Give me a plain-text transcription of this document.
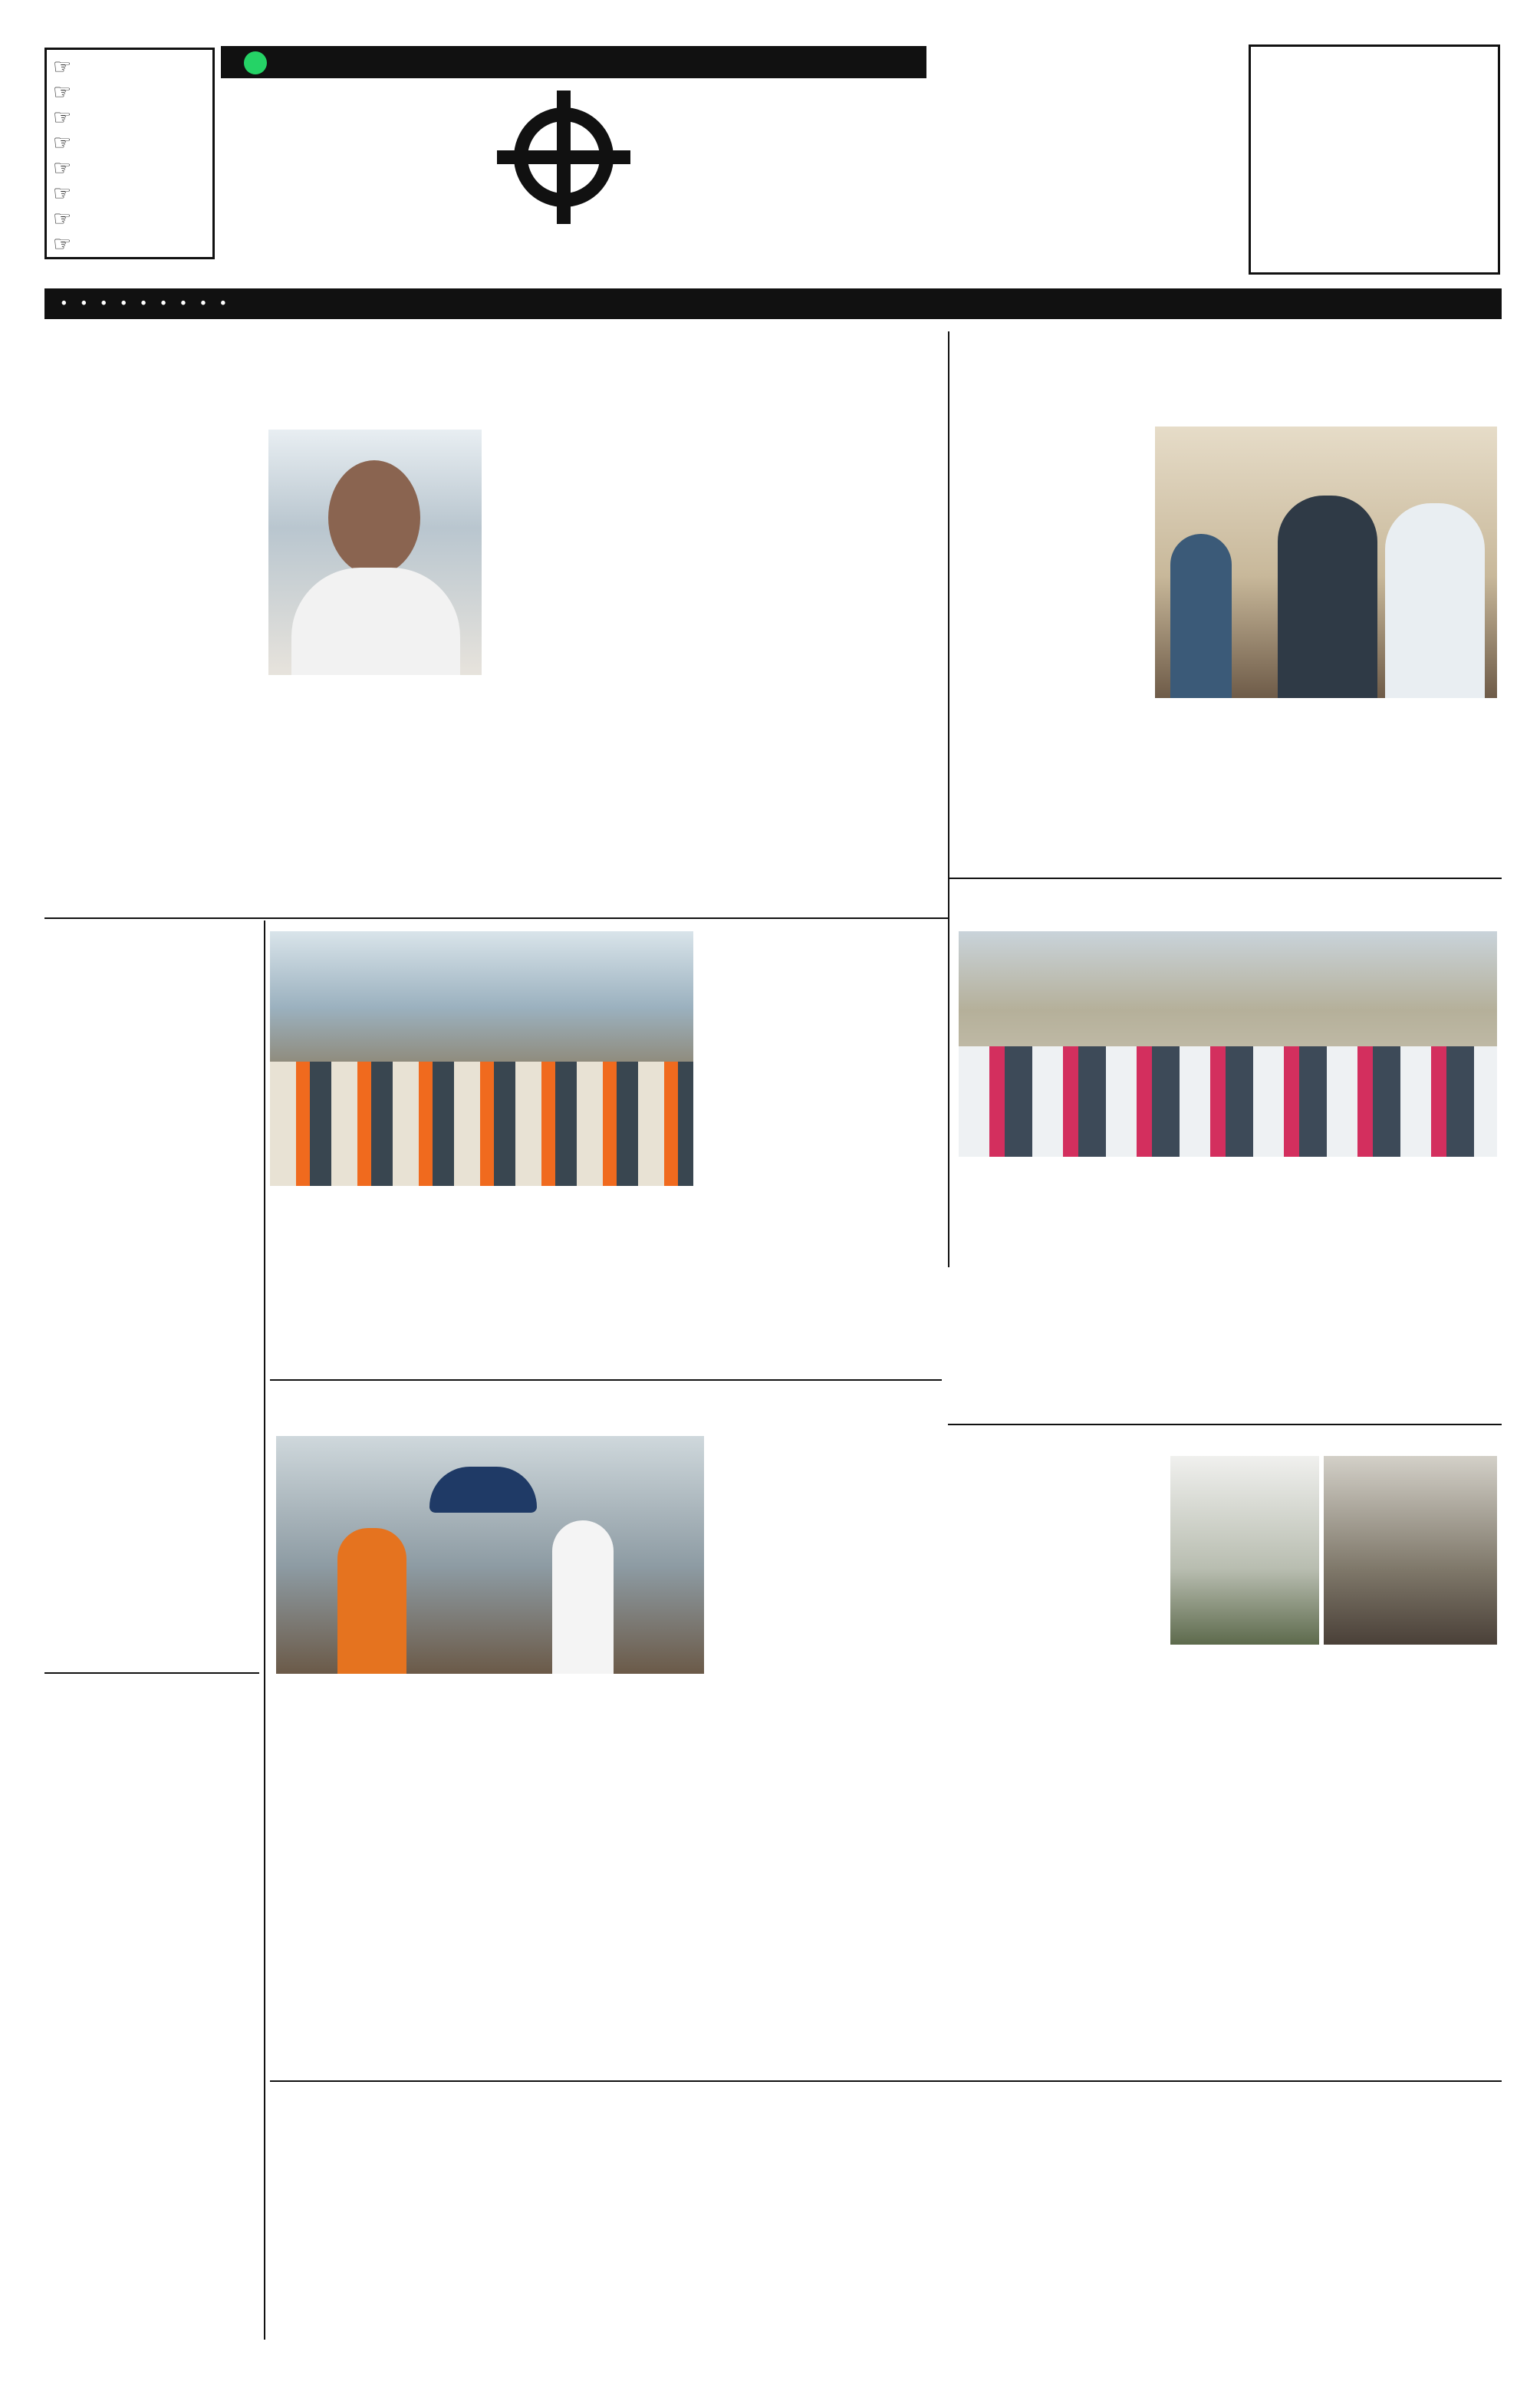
☞
☞
☞
☞
☞
☞
☞
☞
• • • • • • • • •
